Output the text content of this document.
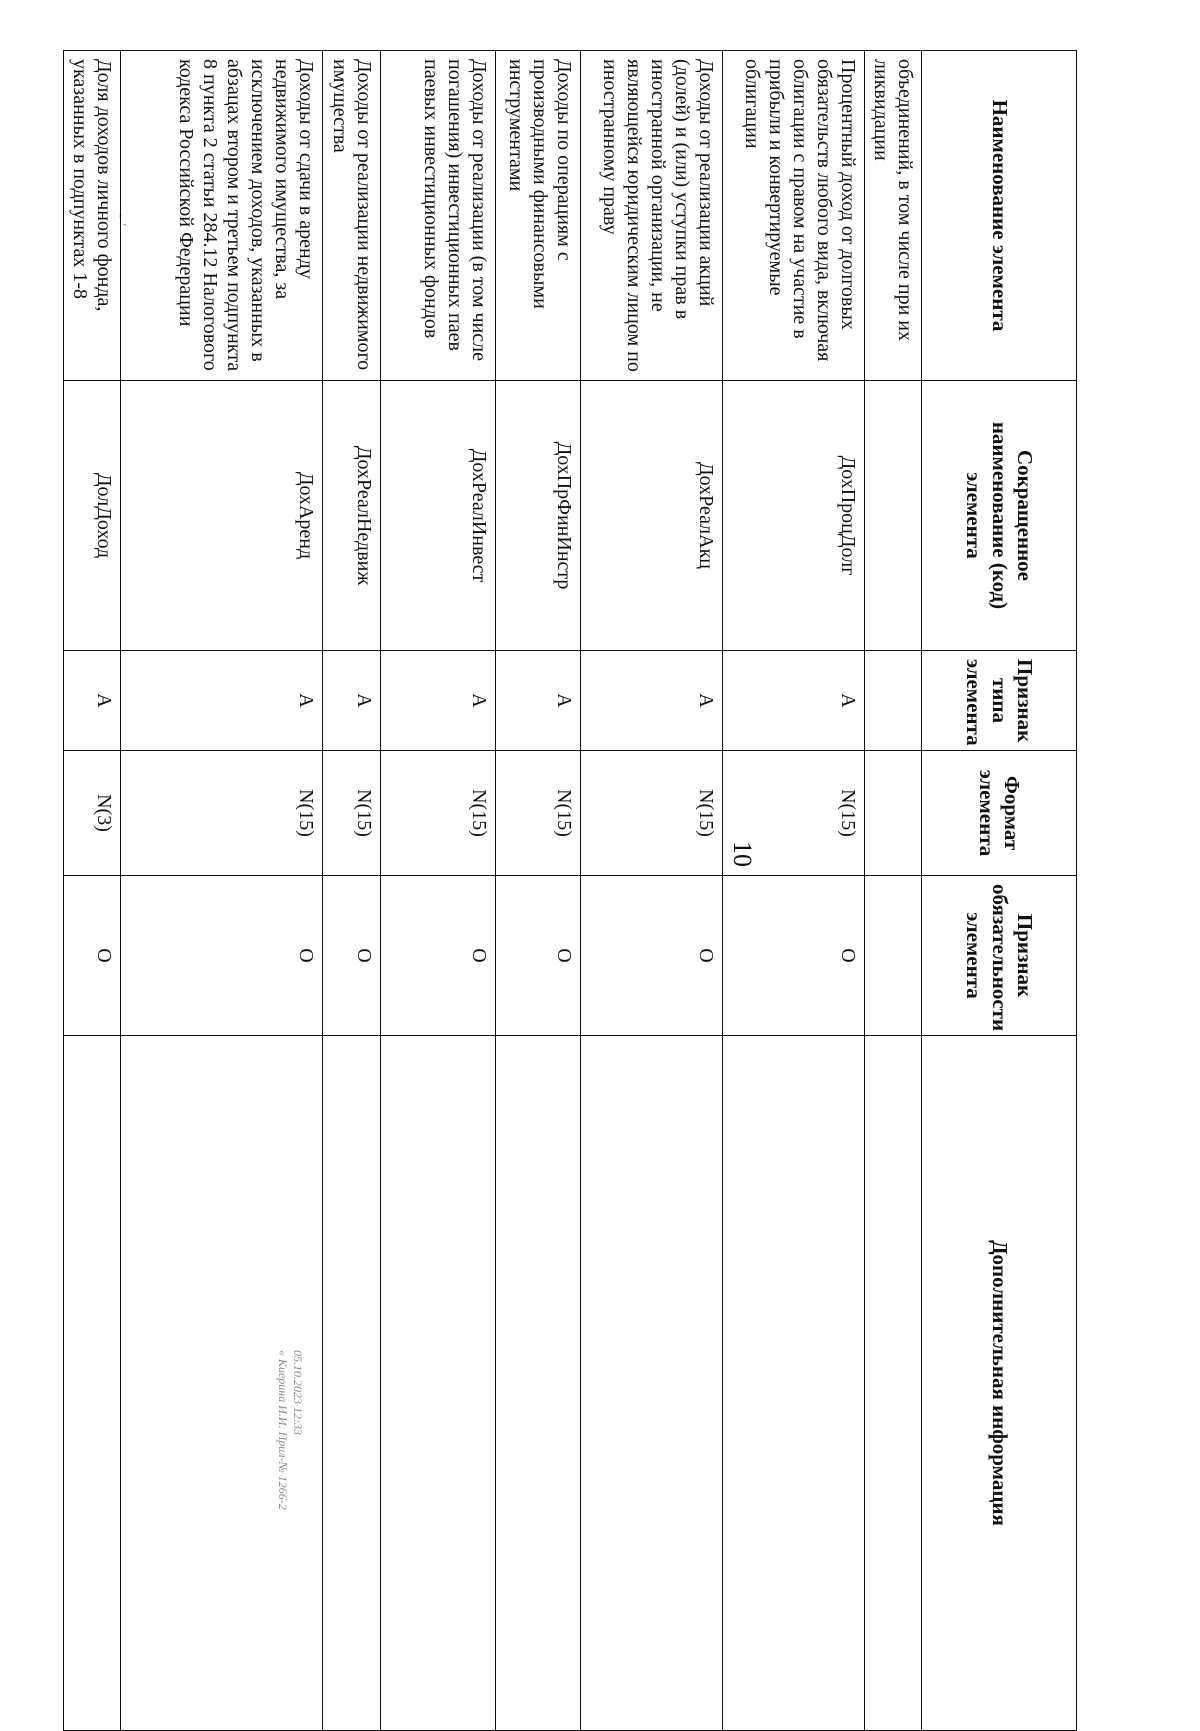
10
ʼˎ	Наименование элемента	Сокращенное наименование (код) элемента	Признак типа элемента	Формат элемента	Признак обязательности элемента	Дополнительная информация
объединений, в том числе при их ликвидации					
Процентный доход от долговых обязательств любого вида, включая облигации с правом на участие в прибыли и конвертируемые облигации	ДохПроцДолг	А	N(15)	О	
Доходы от реализации акций (долей) и (или) уступки прав в иностранной организации, не являющейся юридическим лицом по иностранному праву	ДохРеалАкц	А	N(15)	О	
Доходы по операциям с производными финансовыми инструментами	ДохПрФинИнстр	А	N(15)	О	
Доходы от реализации (в том числе погашения) инвестиционных паев паевых инвестиционных фондов	ДохРеалИнвест	А	N(15)	О	
Доходы от реализации недвижимого имущества	ДохРеалНедвиж	А	N(15)	О	
Доходы от сдачи в аренду недвижимого имущества, за исключением доходов, указанных в абзацах втором и третьем подпункта 8 пункта 2 статьи 284.12 Налогового кодекса Российской Федерации	ДохАренд	А	N(15)	О	
Доля доходов личного фонда, указанных в подпунктах 1-8	ДолДоход	А	N(3)	О	
05.10.2023 12:33
« Киерина И.И. Прил-№ 1266-2
